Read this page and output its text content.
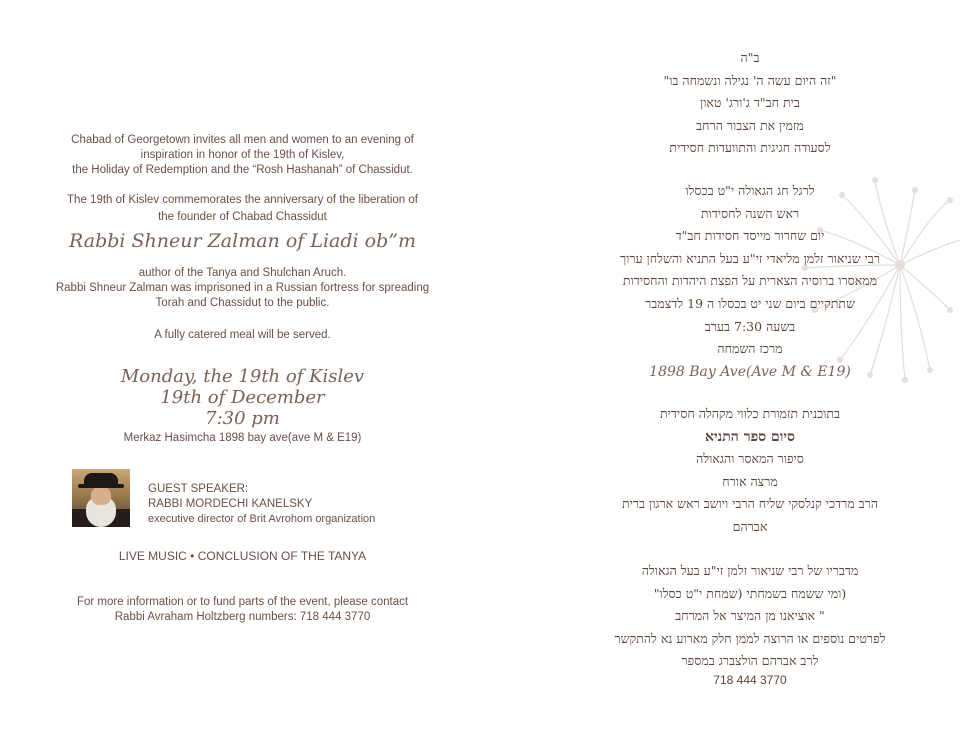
Chabad of Georgetown invites all men and women to an evening of
inspiration in honor of the 19th of Kislev,
the Holiday of Redemption and the “Rosh Hashanah” of Chassidut.
The 19th of Kislev commemorates the anniversary of the liberation of
the founder of Chabad Chassidut
Rabbi Shneur Zalman of Liadi ob”m
author of the Tanya and Shulchan Aruch.
Rabbi Shneur Zalman was imprisoned in a Russian fortress for spreading
Torah and Chassidut to the public.
A fully catered meal will be served.
Monday, the 19th of Kislev
19th of December
7:30 pm
Merkaz Hasimcha 1898 bay ave(ave M & E19)
GUEST SPEAKER:
RABBI MORDECHI KANELSKY
executive director of Brit Avrohom organization
LIVE MUSIC • CONCLUSION OF THE TANYA
For more information or to fund parts of the event, please contact
Rabbi Avraham Holtzberg numbers: 718 444 3770
ב"ה
"זה היום עשה ה' נגילה ונשמחה בו"
בית חב"ד ג'ורג' טאון
מזמין את הצבור הרחב
לסעודה חגיגית והתוועדות חסידית
לרגל חג הגאולה י"ט בכסלו
ראש השנה לחסידות
יום שחרור מייסד חסידות חב"ד
רבי שניאור זלמן מליאדי זי"ע בעל התניא והשלחן ערוך
ממאסרו ברוסיה הצארית על הפצת היהדות והחסידות
שתתקיים ביום שני יט בכסלו ה 19 לדצמבר
בשעה 7:30 בערב
מרכז השמחה
1898 Bay Ave(Ave M & E19)
בתוכנית תזמורת כלווי מקהלה חסידית
סיום ספר התניא
סיפור המאסר והגאולה
מרצה אורח
הרב מרדכי קנלסקי שליח הרבי ויושב ראש ארגון ברית
אברהם
מדבריו של רבי שניאור זלמן זי"ע בעל הגאולה
(ומי ששמח בשמחתי (שמחת י"ט כסלו"
" אוציאנו מן המיצר אל המרחב
לפרטים נוספים או הרוצה לממן חלק מארוע נא להתקשר
לרב אברהם הולצברג במספר
718 444 3770
